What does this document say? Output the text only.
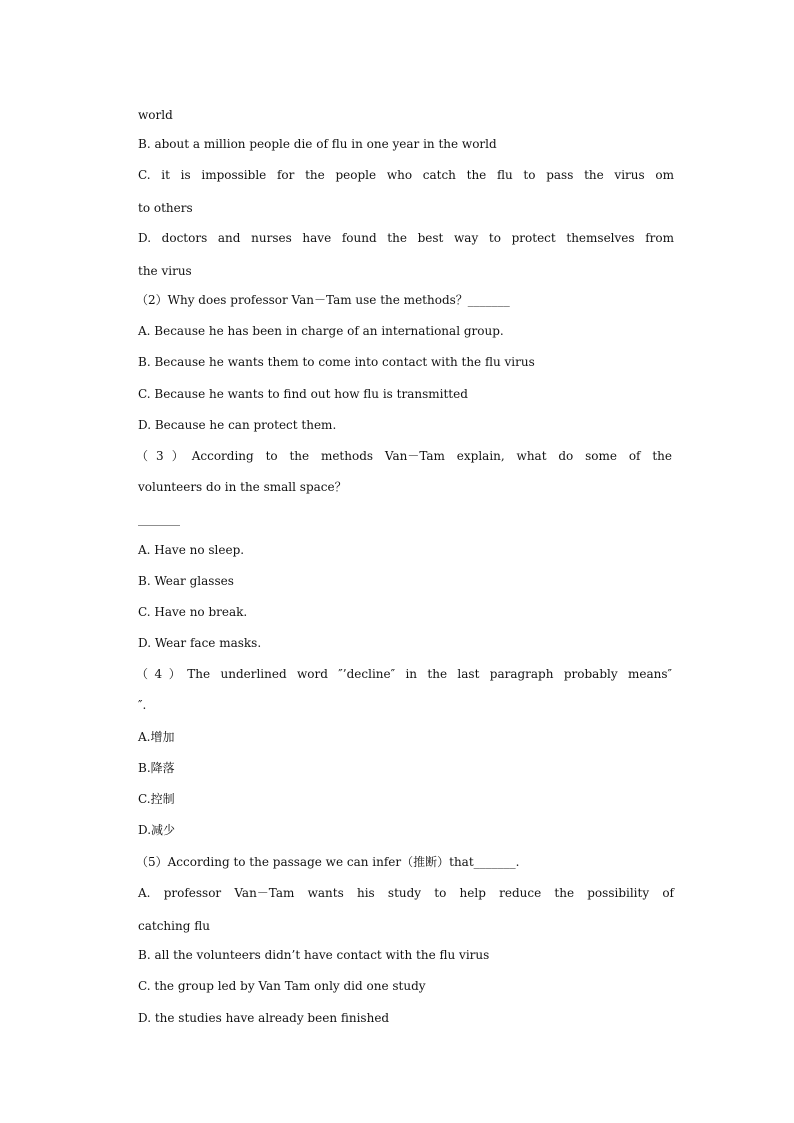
world
B. about a million people die of flu in one year in the world
C. it is impossible for the people who catch the flu to pass the virus om
to others
D. doctors and nurses have found the best way to protect themselves from
the virus
（2）Why does professor Van－Tam use the methods？_______
A. Because he has been in charge of an international group.
B. Because he wants them to come into contact with the flu virus
C. Because he wants to find out how flu is transmitted
D. Because he can protect them.
（3）According to the methods Van－Tam explain, what do some of the
volunteers do in the small space？
_______
A. Have no sleep.
B. Wear glasses
C. Have no break.
D. Wear face masks.
（4）The underlined word ″’decline″ in the last paragraph probably means″
″.
A.增加
B.降落
C.控制
D.减少
（5）According to the passage we can infer（推断）that_______.
A. professor Van－Tam wants his study to help reduce the possibility of
catching flu
B. all the volunteers didn’t have contact with the flu virus
C. the group led by Van Tam only did one study
D. the studies have already been finished
